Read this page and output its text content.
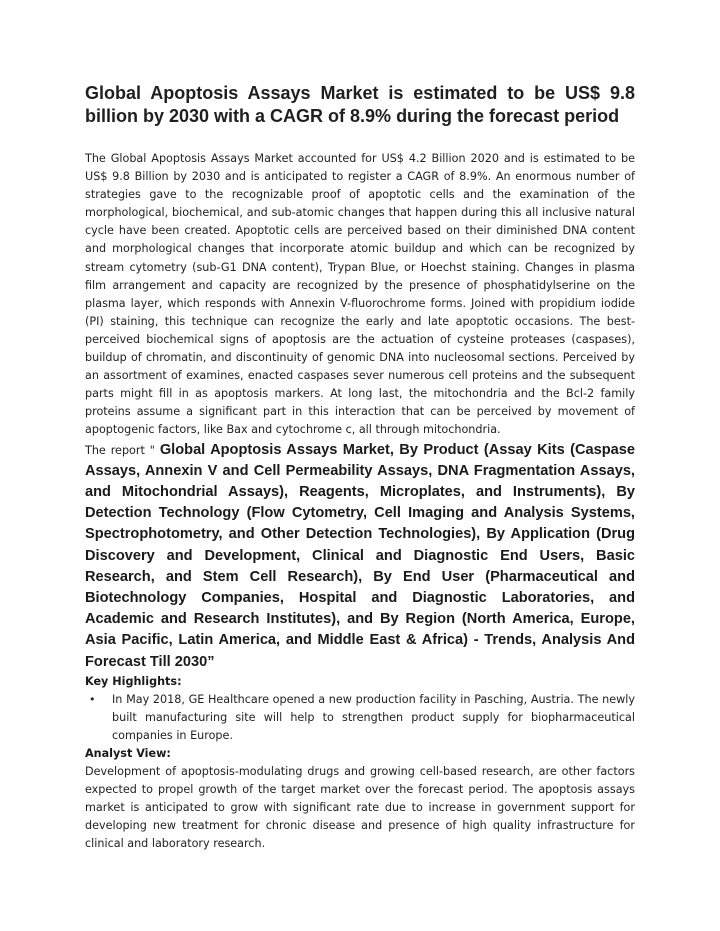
Global Apoptosis Assays Market is estimated to be US$ 9.8 billion by 2030 with a CAGR of 8.9% during the forecast period

The Global Apoptosis Assays Market accounted for US$ 4.2 Billion 2020 and is estimated to be US$ 9.8 Billion by 2030 and is anticipated to register a CAGR of 8.9%. An enormous number of strategies gave to the recognizable proof of apoptotic cells and the examination of the morphological, biochemical, and sub-atomic changes that happen during this all inclusive natural cycle have been created. Apoptotic cells are perceived based on their diminished DNA content and morphological changes that incorporate atomic buildup and which can be recognized by stream cytometry (sub-G1 DNA content), Trypan Blue, or Hoechst staining. Changes in plasma film arrangement and capacity are recognized by the presence of phosphatidylserine on the plasma layer, which responds with Annexin V-fluorochrome forms. Joined with propidium iodide (PI) staining, this technique can recognize the early and late apoptotic occasions. The best-perceived biochemical signs of apoptosis are the actuation of cysteine proteases (caspases), buildup of chromatin, and discontinuity of genomic DNA into nucleosomal sections. Perceived by an assortment of examines, enacted caspases sever numerous cell proteins and the subsequent parts might fill in as apoptosis markers. At long last, the mitochondria and the Bcl-2 family proteins assume a significant part in this interaction that can be perceived by movement of apoptogenic factors, like Bax and cytochrome c, all through mitochondria.

The report " Global Apoptosis Assays Market, By Product (Assay Kits (Caspase Assays, Annexin V and Cell Permeability Assays, DNA Fragmentation Assays, and Mitochondrial Assays), Reagents, Microplates, and Instruments), By Detection Technology (Flow Cytometry, Cell Imaging and Analysis Systems, Spectrophotometry, and Other Detection Technologies), By Application (Drug Discovery and Development, Clinical and Diagnostic End Users, Basic Research, and Stem Cell Research), By End User (Pharmaceutical and Biotechnology Companies, Hospital and Diagnostic Laboratories, and Academic and Research Institutes), and By Region (North America, Europe, Asia Pacific, Latin America, and Middle East & Africa) - Trends, Analysis And Forecast Till 2030”

Key Highlights:

• In May 2018, GE Healthcare opened a new production facility in Pasching, Austria. The newly built manufacturing site will help to strengthen product supply for biopharmaceutical companies in Europe.

Analyst View:

Development of apoptosis-modulating drugs and growing cell-based research, are other factors expected to propel growth of the target market over the forecast period. The apoptosis assays market is anticipated to grow with significant rate due to increase in government support for developing new treatment for chronic disease and presence of high quality infrastructure for clinical and laboratory research.
